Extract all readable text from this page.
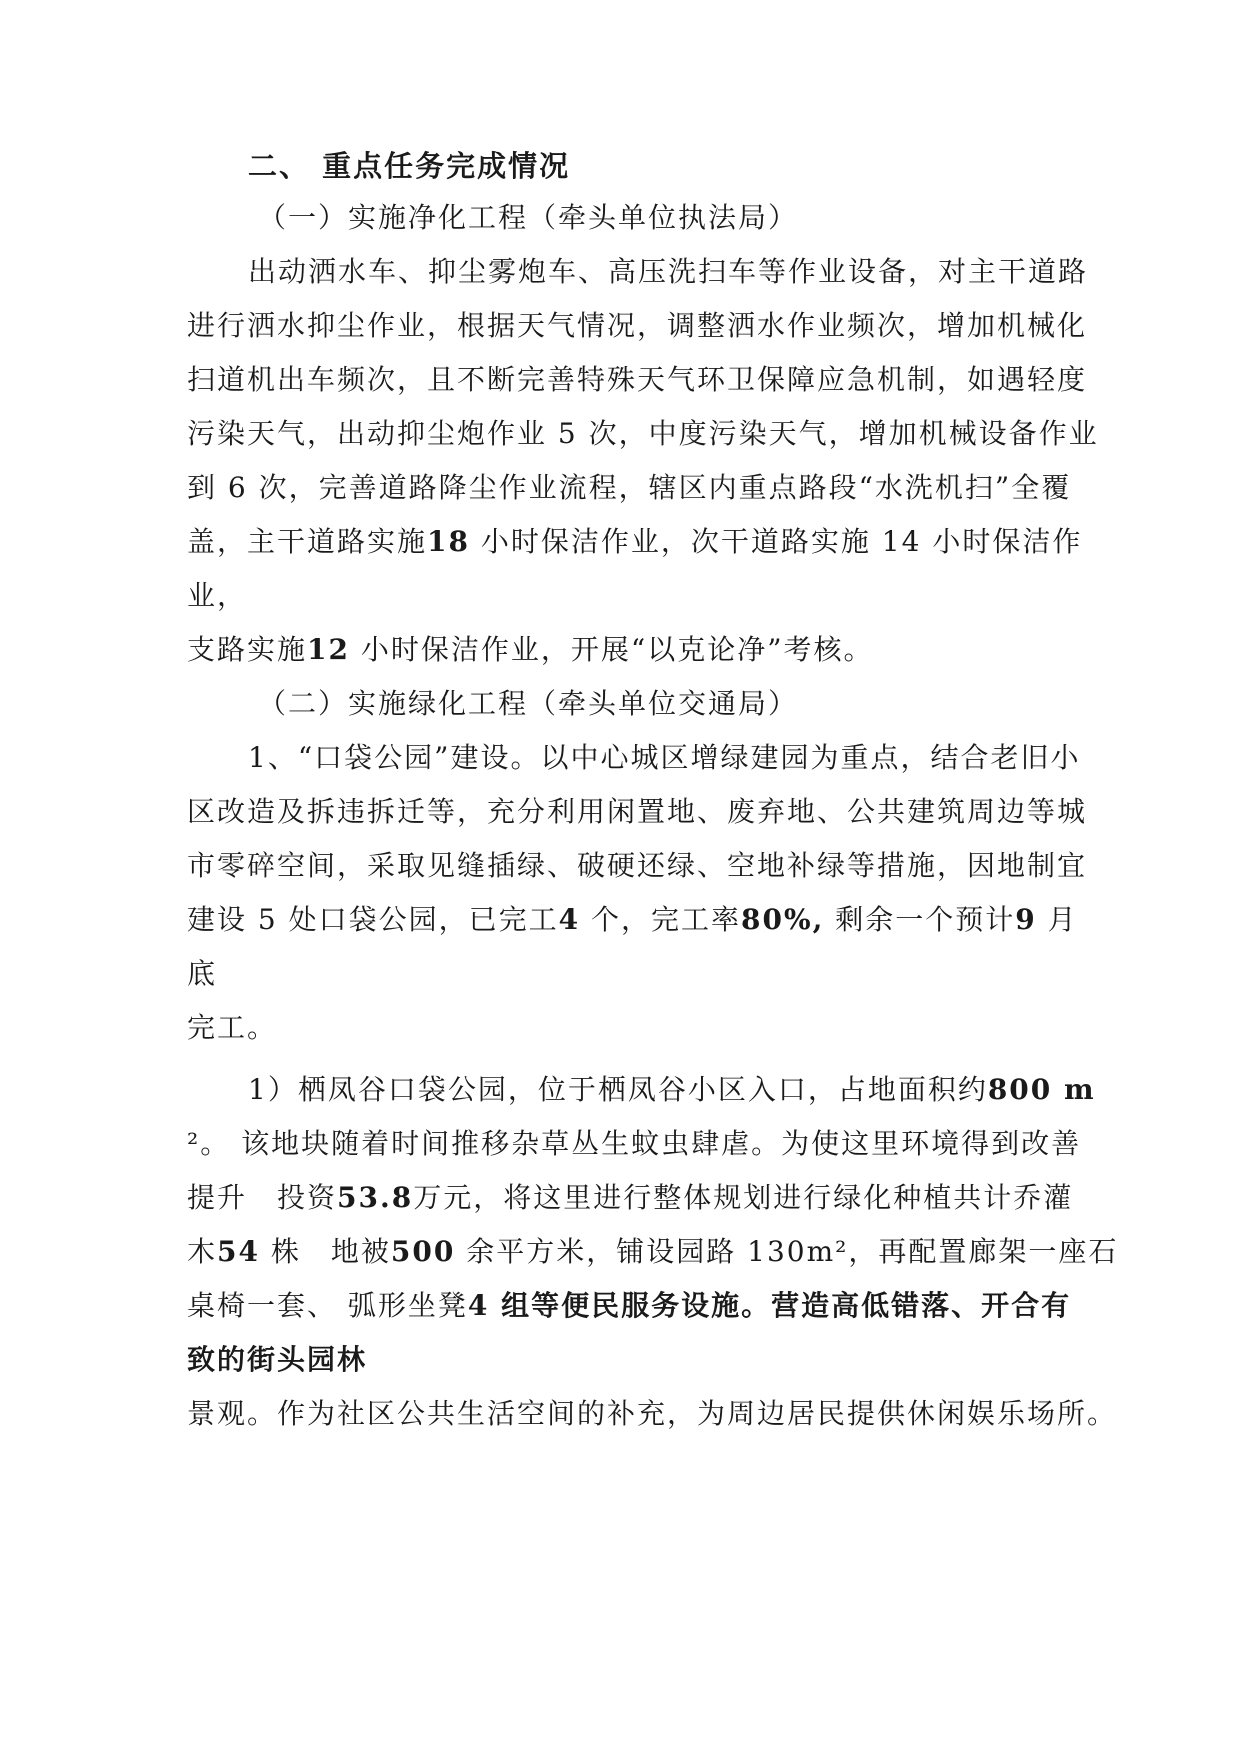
二、 重点任务完成情况

（一）实施净化工程（牵头单位执法局）

出动洒水车、抑尘雾炮车、高压洗扫车等作业设备，对主干道路

进行洒水抑尘作业，根据天气情况，调整洒水作业频次，增加机械化

扫道机出车频次，且不断完善特殊天气环卫保障应急机制，如遇轻度

污染天气，出动抑尘炮作业 5 次，中度污染天气，增加机械设备作业

到 6 次，完善道路降尘作业流程，辖区内重点路段“水洗机扫”全覆

盖，主干道路实施18 小时保洁作业，次干道路实施 14 小时保洁作

业，

支路实施12 小时保洁作业，开展“以克论净”考核。

（二）实施绿化工程（牵头单位交通局）

1、“口袋公园”建设。以中心城区增绿建园为重点，结合老旧小

区改造及拆违拆迁等，充分利用闲置地、废弃地、公共建筑周边等城

市零碎空间，采取见缝插绿、破硬还绿、空地补绿等措施，因地制宜

建设 5 处口袋公园，已完工4 个，完工率80%, 剩余一个预计9 月

底

完工。

1）栖凤谷口袋公园，位于栖凤谷小区入口，占地面积约800 m

²。 该地块随着时间推移杂草丛生蚊虫肆虐。为使这里环境得到改善

提升　投资53.8万元，将这里进行整体规划进行绿化种植共计乔灌

木54 株　地被500 余平方米，铺设园路 130m²，再配置廊架一座石

桌椅一套、 弧形坐凳4 组等便民服务设施。营造高低错落、开合有

致的街头园林

景观。作为社区公共生活空间的补充，为周边居民提供休闲娱乐场所。
